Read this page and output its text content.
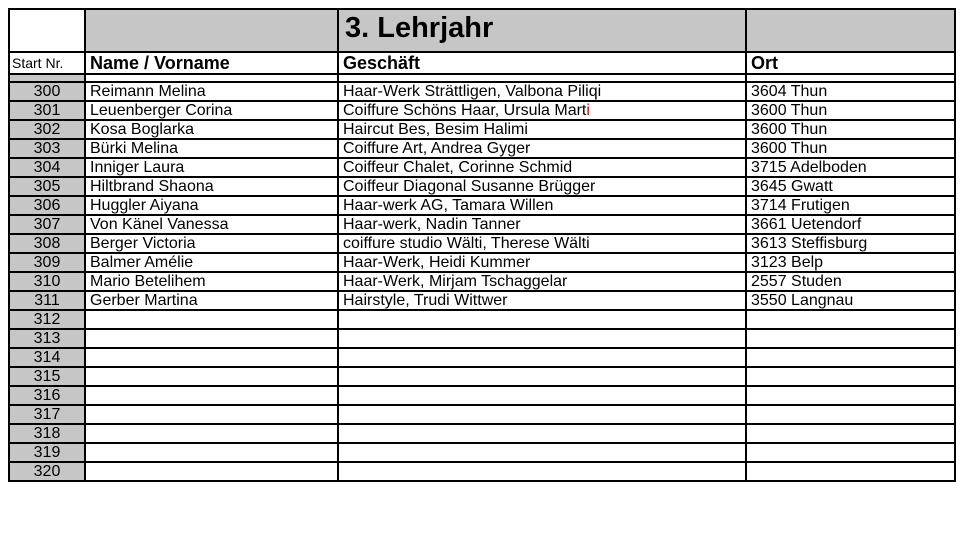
		3. Lehrjahr	
Start Nr.	Name / Vorname	Geschäft	Ort

300	Reimann Melina	Haar-Werk Strättligen, Valbona Piliqi	3604 Thun
301	Leuenberger Corina	Coiffure Schöns Haar, Ursula Marti	3600 Thun
302	Kosa Boglarka	Haircut Bes, Besim Halimi	3600 Thun
303	Bürki Melina	Coiffure Art, Andrea Gyger	3600 Thun
304	Inniger Laura	Coiffeur Chalet, Corinne Schmid	3715 Adelboden
305	Hiltbrand Shaona	Coiffeur Diagonal Susanne Brügger	3645 Gwatt
306	Huggler Aiyana	Haar-werk AG, Tamara Willen	3714 Frutigen
307	Von Känel Vanessa	Haar-werk, Nadin Tanner	3661 Uetendorf
308	Berger Victoria	coiffure studio Wälti, Therese Wälti	3613 Steffisburg
309	Balmer Amélie	Haar-Werk, Heidi Kummer	3123 Belp
310	Mario Betelihem	Haar-Werk, Mirjam Tschaggelar	2557 Studen
311	Gerber Martina	Hairstyle, Trudi Wittwer	3550 Langnau
312			
313			
314			
315			
316			
317			
318			
319			
320			
